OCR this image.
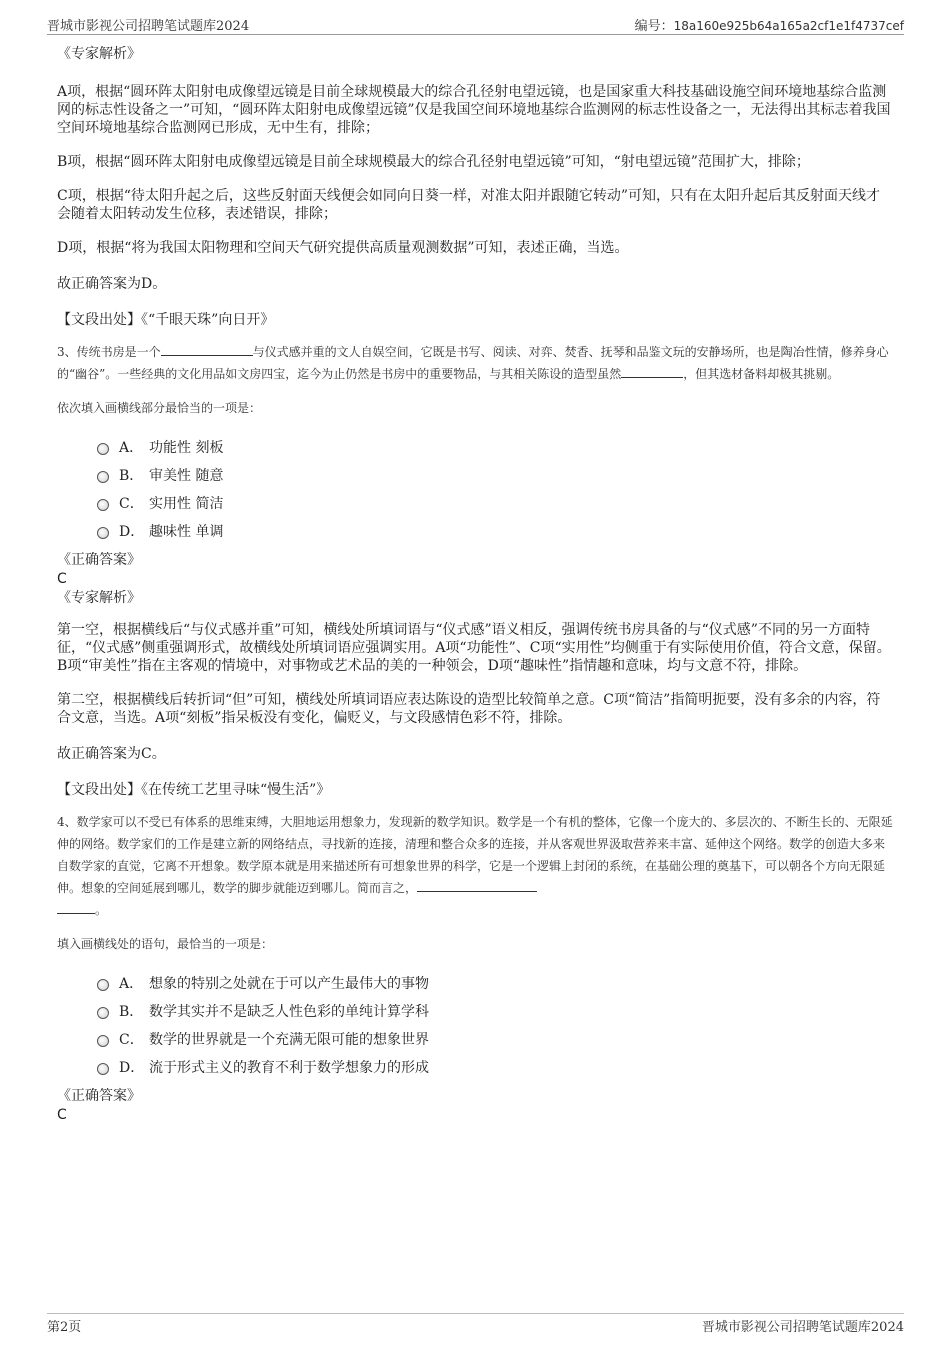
晋城市影视公司招聘笔试题库2024	编号：18a160e925b64a165a2cf1e1f4737cef

《专家解析》

A项，根据“圆环阵太阳射电成像望远镜是目前全球规模最大的综合孔径射电望远镜，也是国家重大科技基础设施空间环境地基综合监测网的标志性设备之一”可知，“圆环阵太阳射电成像望远镜”仅是我国空间环境地基综合监测网的标志性设备之一，无法得出其标志着我国空间环境地基综合监测网已形成，无中生有，排除；

B项，根据“圆环阵太阳射电成像望远镜是目前全球规模最大的综合孔径射电望远镜”可知，“射电望远镜”范围扩大，排除；

C项，根据“待太阳升起之后，这些反射面天线便会如同向日葵一样，对准太阳并跟随它转动”可知，只有在太阳升起后其反射面天线才会随着太阳转动发生位移，表述错误，排除；

D项，根据“将为我国太阳物理和空间天气研究提供高质量观测数据”可知，表述正确，当选。

故正确答案为D。

【文段出处】《“千眼天珠”向日开》

3、传统书房是一个	与仪式感并重的文人自娱空间，它既是书写、阅读、对弈、焚香、抚琴和品鉴文玩的安静场所，也是陶冶性情，修养身心的“幽谷”。一些经典的文化用品如文房四宝，迄今为止仍然是书房中的重要物品，与其相关陈设的造型虽然	，但其选材备料却极其挑剔。

依次填入画横线部分最恰当的一项是：

A． 功能性 刻板
B． 审美性 随意
C． 实用性 简洁
D． 趣味性 单调

《正确答案》

C

《专家解析》

第一空，根据横线后“与仪式感并重”可知，横线处所填词语与“仪式感”语义相反，强调传统书房具备的与“仪式感”不同的另一方面特征，“仪式感”侧重强调形式，故横线处所填词语应强调实用。A项“功能性”、C项“实用性”均侧重于有实际使用价值，符合文意，保留。B项“审美性”指在主客观的情境中，对事物或艺术品的美的一种领会，D项“趣味性”指情趣和意味，均与文意不符，排除。

第二空，根据横线后转折词“但”可知，横线处所填词语应表达陈设的造型比较简单之意。C项“简洁”指简明扼要，没有多余的内容，符合文意，当选。A项“刻板”指呆板没有变化，偏贬义，与文段感情色彩不符，排除。

故正确答案为C。

【文段出处】《在传统工艺里寻味“慢生活”》

4、数学家可以不受已有体系的思维束缚，大胆地运用想象力，发现新的数学知识。数学是一个有机的整体，它像一个庞大的、多层次的、不断生长的、无限延伸的网络。数学家们的工作是建立新的网络结点，寻找新的连接，清理和整合众多的连接，并从客观世界汲取营养来丰富、延伸这个网络。数学的创造大多来自数学家的直觉，它离不开想象。数学原本就是用来描述所有可想象世界的科学，它是一个逻辑上封闭的系统，在基础公理的奠基下，可以朝各个方向无限延伸。想象的空间延展到哪儿，数学的脚步就能迈到哪儿。简而言之，
。

填入画横线处的语句，最恰当的一项是：

A． 想象的特别之处就在于可以产生最伟大的事物
B． 数学其实并不是缺乏人性色彩的单纯计算学科
C． 数学的世界就是一个充满无限可能的想象世界
D． 流于形式主义的教育不利于数学想象力的形成

《正确答案》

C

第2页	晋城市影视公司招聘笔试题库2024
